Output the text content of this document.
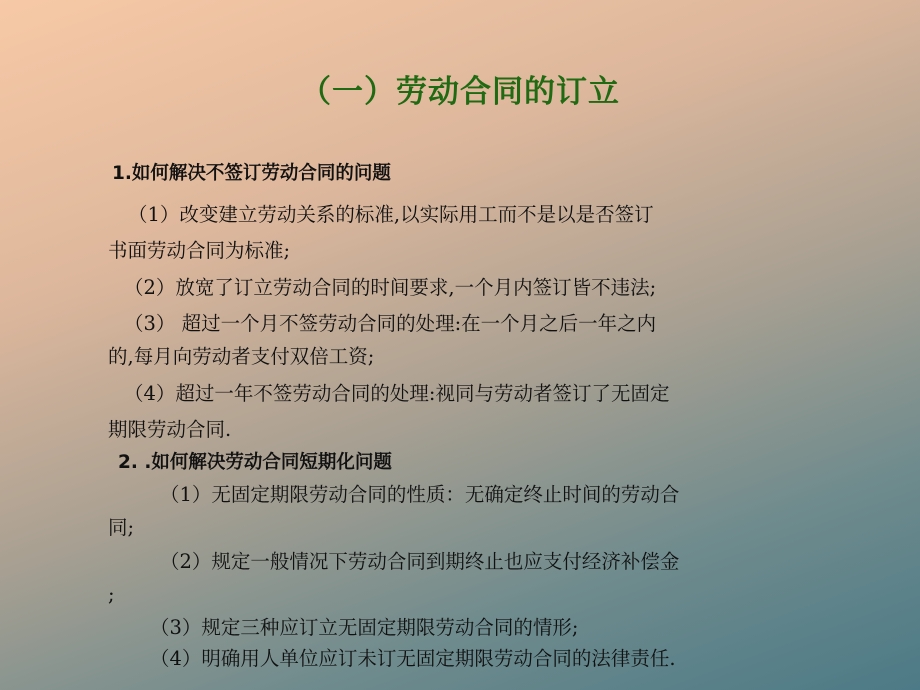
（一）劳动合同的订立
1.如何解决不签订劳动合同的问题
（1）改变建立劳动关系的标准,以实际用工而不是以是否签订
书面劳动合同为标准;
（2）放宽了订立劳动合同的时间要求,一个月内签订皆不违法;
（3） 超过一个月不签劳动合同的处理:在一个月之后一年之内
的,每月向劳动者支付双倍工资;
（4）超过一年不签劳动合同的处理:视同与劳动者签订了无固定
期限劳动合同.
2. .如何解决劳动合同短期化问题
（1）无固定期限劳动合同的性质：无确定终止时间的劳动合
同;
（2）规定一般情况下劳动合同到期终止也应支付经济补偿金
;
（3）规定三种应订立无固定期限劳动合同的情形;
（4）明确用人单位应订未订无固定期限劳动合同的法律责任.
